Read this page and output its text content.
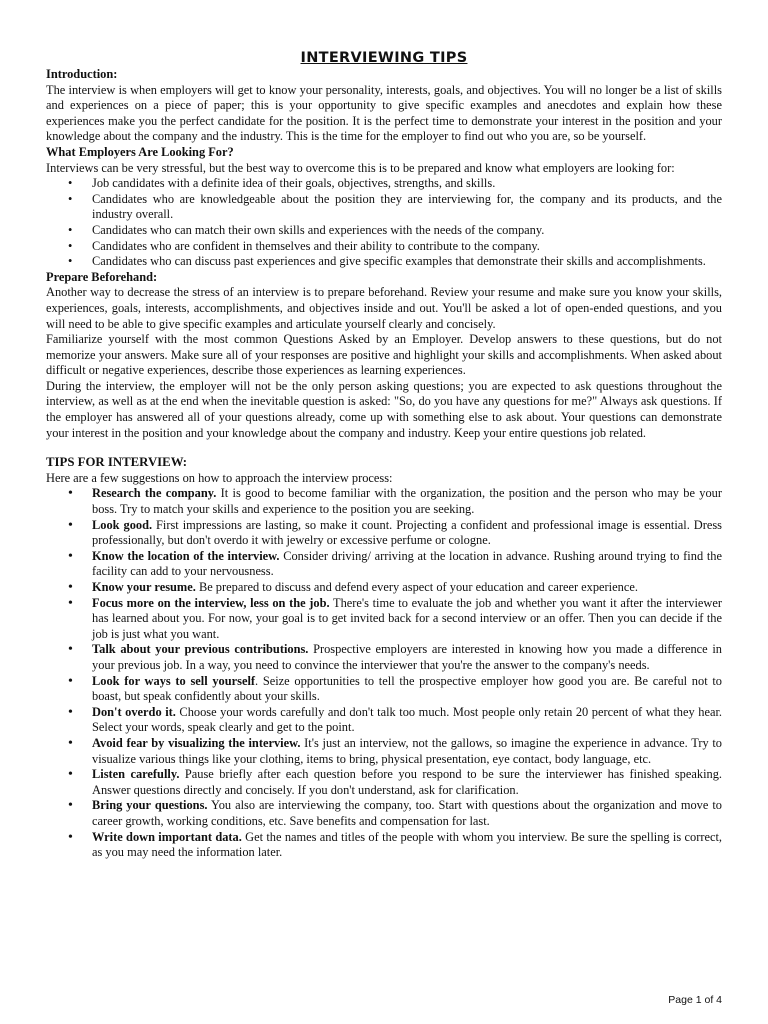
INTERVIEWING TIPS
Introduction:

The interview is when employers will get to know your personality, interests, goals, and objectives. You will no longer be a list of skills and experiences on a piece of paper; this is your opportunity to give specific examples and anecdotes and explain how these experiences make you the perfect candidate for the position. It is the perfect time to demonstrate your interest in the position and your knowledge about the company and the industry. This is the time for the employer to find out who you are, so be yourself.

What Employers Are Looking For?

Interviews can be very stressful, but the best way to overcome this is to be prepared and know what employers are looking for:

• Job candidates with a definite idea of their goals, objectives, strengths, and skills.
• Candidates who are knowledgeable about the position they are interviewing for, the company and its products, and the industry overall.
• Candidates who can match their own skills and experiences with the needs of the company.
• Candidates who are confident in themselves and their ability to contribute to the company.
• Candidates who can discuss past experiences and give specific examples that demonstrate their skills and accomplishments.
Prepare Beforehand:

Another way to decrease the stress of an interview is to prepare beforehand. Review your resume and make sure you know your skills, experiences, goals, interests, accomplishments, and objectives inside and out. You'll be asked a lot of open-ended questions, and you will need to be able to give specific examples and articulate yourself clearly and concisely.

Familiarize yourself with the most common Questions Asked by an Employer. Develop answers to these questions, but do not memorize your answers. Make sure all of your responses are positive and highlight your skills and accomplishments. When asked about difficult or negative experiences, describe those experiences as learning experiences.

During the interview, the employer will not be the only person asking questions; you are expected to ask questions throughout the interview, as well as at the end when the inevitable question is asked: "So, do you have any questions for me?" Always ask questions. If the employer has answered all of your questions already, come up with something else to ask about. Your questions can demonstrate your interest in the position and your knowledge about the company and industry. Keep your entire questions job related.

TIPS FOR INTERVIEW:

Here are a few suggestions on how to approach the interview process:

• Research the company. It is good to become familiar with the organization, the position and the person who may be your boss. Try to match your skills and experience to the position you are seeking.
• Look good. First impressions are lasting, so make it count. Projecting a confident and professional image is essential. Dress professionally, but don't overdo it with jewelry or excessive perfume or cologne.
• Know the location of the interview. Consider driving/ arriving at the location in advance. Rushing around trying to find the facility can add to your nervousness.
• Know your resume. Be prepared to discuss and defend every aspect of your education and career experience.
• Focus more on the interview, less on the job. There's time to evaluate the job and whether you want it after the interviewer has learned about you. For now, your goal is to get invited back for a second interview or an offer. Then you can decide if the job is just what you want.
• Talk about your previous contributions. Prospective employers are interested in knowing how you made a difference in your previous job. In a way, you need to convince the interviewer that you're the answer to the company's needs.
• Look for ways to sell yourself. Seize opportunities to tell the prospective employer how good you are. Be careful not to boast, but speak confidently about your skills.
• Don't overdo it. Choose your words carefully and don't talk too much. Most people only retain 20 percent of what they hear. Select your words, speak clearly and get to the point.
• Avoid fear by visualizing the interview. It's just an interview, not the gallows, so imagine the experience in advance. Try to visualize various things like your clothing, items to bring, physical presentation, eye contact, body language, etc.
• Listen carefully. Pause briefly after each question before you respond to be sure the interviewer has finished speaking. Answer questions directly and concisely. If you don't understand, ask for clarification.
• Bring your questions. You also are interviewing the company, too. Start with questions about the organization and move to career growth, working conditions, etc. Save benefits and compensation for last.
• Write down important data. Get the names and titles of the people with whom you interview. Be sure the spelling is correct, as you may need the information later.
Page 1 of 4
